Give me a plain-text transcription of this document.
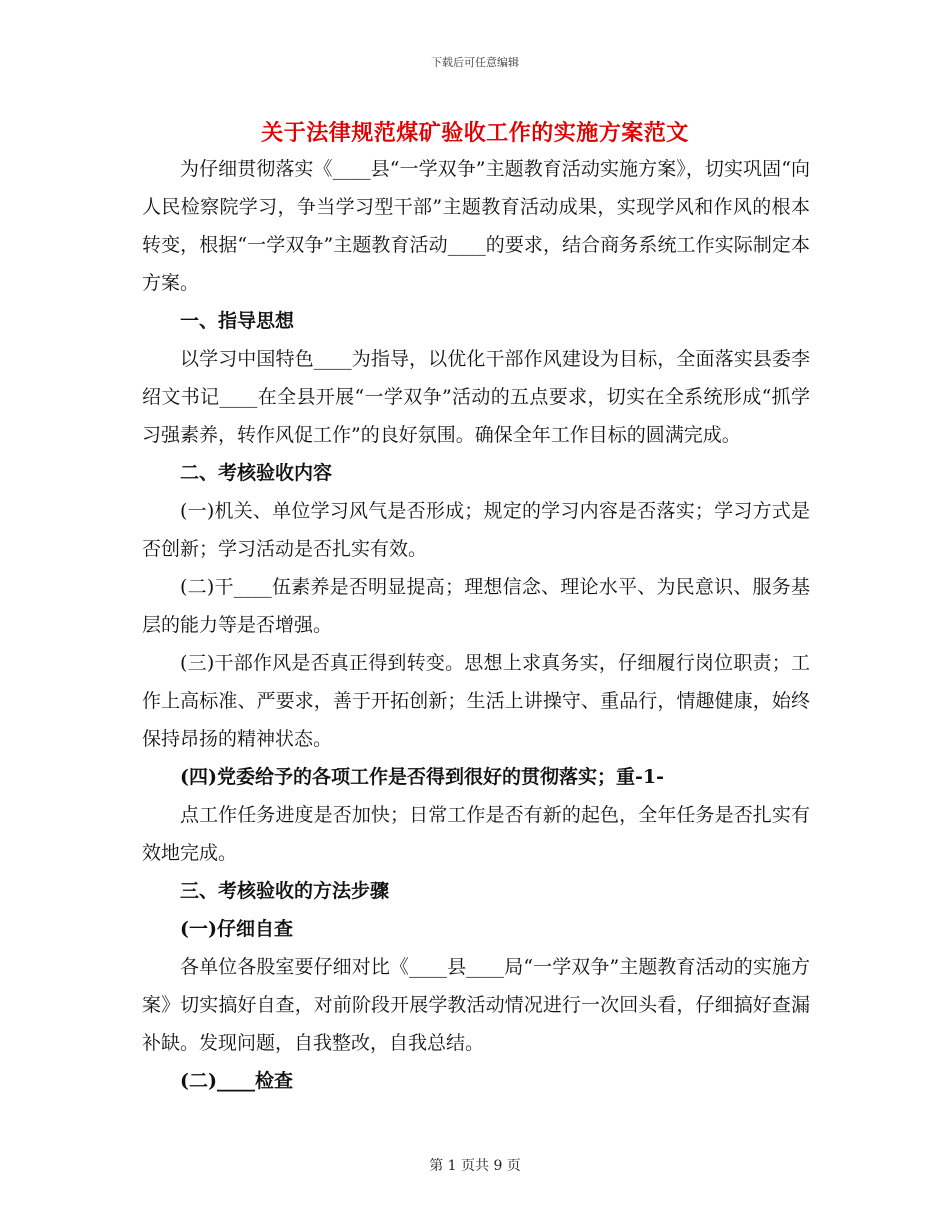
下载后可任意编辑
关于法律规范煤矿验收工作的实施方案范文

为仔细贯彻落实《____县“一学双争”主题教育活动实施方案》，切实巩固“向人民检察院学习，争当学习型干部”主题教育活动成果，实现学风和作风的根本转变，根据“一学双争”主题教育活动____的要求，结合商务系统工作实际制定本方案。

一、指导思想

以学习中国特色____为指导，以优化干部作风建设为目标，全面落实县委李绍文书记____在全县开展“一学双争”活动的五点要求，切实在全系统形成“抓学习强素养，转作风促工作”的良好氛围。确保全年工作目标的圆满完成。

二、考核验收内容

(一)机关、单位学习风气是否形成；规定的学习内容是否落实；学习方式是否创新；学习活动是否扎实有效。

(二)干____伍素养是否明显提高；理想信念、理论水平、为民意识、服务基层的能力等是否增强。

(三)干部作风是否真正得到转变。思想上求真务实，仔细履行岗位职责；工作上高标准、严要求，善于开拓创新；生活上讲操守、重品行，情趣健康，始终保持昂扬的精神状态。

(四)党委给予的各项工作是否得到很好的贯彻落实；重-1-

点工作任务进度是否加快；日常工作是否有新的起色，全年任务是否扎实有效地完成。

三、考核验收的方法步骤

(一)仔细自查

各单位各股室要仔细对比《____县____局“一学双争”主题教育活动的实施方案》切实搞好自查，对前阶段开展学教活动情况进行一次回头看，仔细搞好查漏补缺。发现问题，自我整改，自我总结。

(二)____检查

第 1 页共 9 页
